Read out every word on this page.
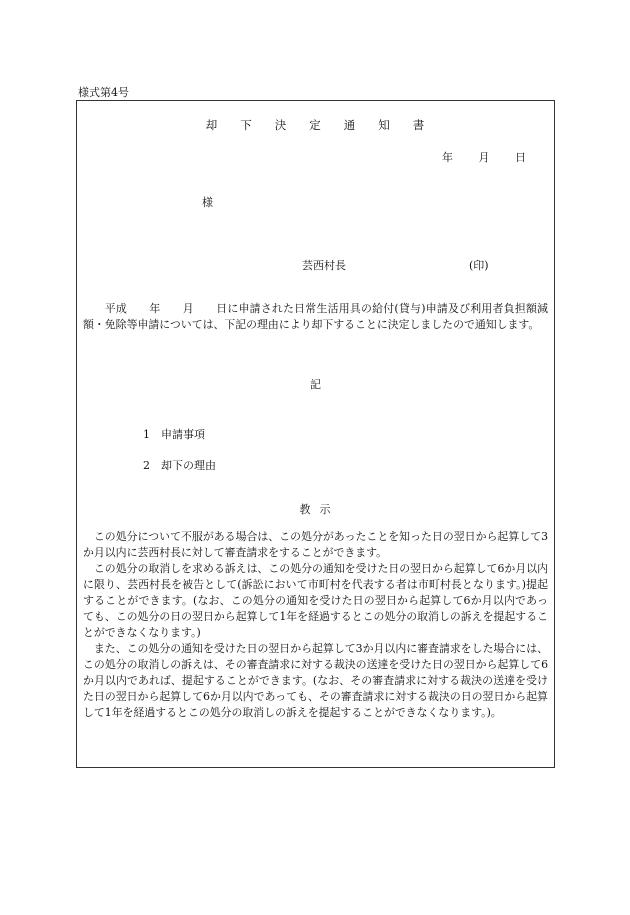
様式第4号
却 下 決 定 通 知 書
年 月 日
様
芸西村長	(印)
平成　　年　　月　　日に申請された日常生活用具の給付(貸与)申請及び利用者負担額減額・免除等申請については、下記の理由により却下することに決定しましたので通知します。
記
1 申請事項
2 却下の理由
教 示

この処分について不服がある場合は、この処分があったことを知った日の翌日から起算して3か月以内に芸西村長に対して審査請求をすることができます。

この処分の取消しを求める訴えは、この処分の通知を受けた日の翌日から起算して6か月以内に限り、芸西村長を被告として(訴訟において市町村を代表する者は市町村長となります。)提起することができます。(なお、この処分の通知を受けた日の翌日から起算して6か月以内であっても、この処分の日の翌日から起算して1年を経過するとこの処分の取消しの訴えを提起することができなくなります。)

また、この処分の通知を受けた日の翌日から起算して3か月以内に審査請求をした場合には、この処分の取消しの訴えは、その審査請求に対する裁決の送達を受けた日の翌日から起算して6か月以内であれば、提起することができます。(なお、その審査請求に対する裁決の送達を受けた日の翌日から起算して6か月以内であっても、その審査請求に対する裁決の日の翌日から起算して1年を経過するとこの処分の取消しの訴えを提起することができなくなります。)。
